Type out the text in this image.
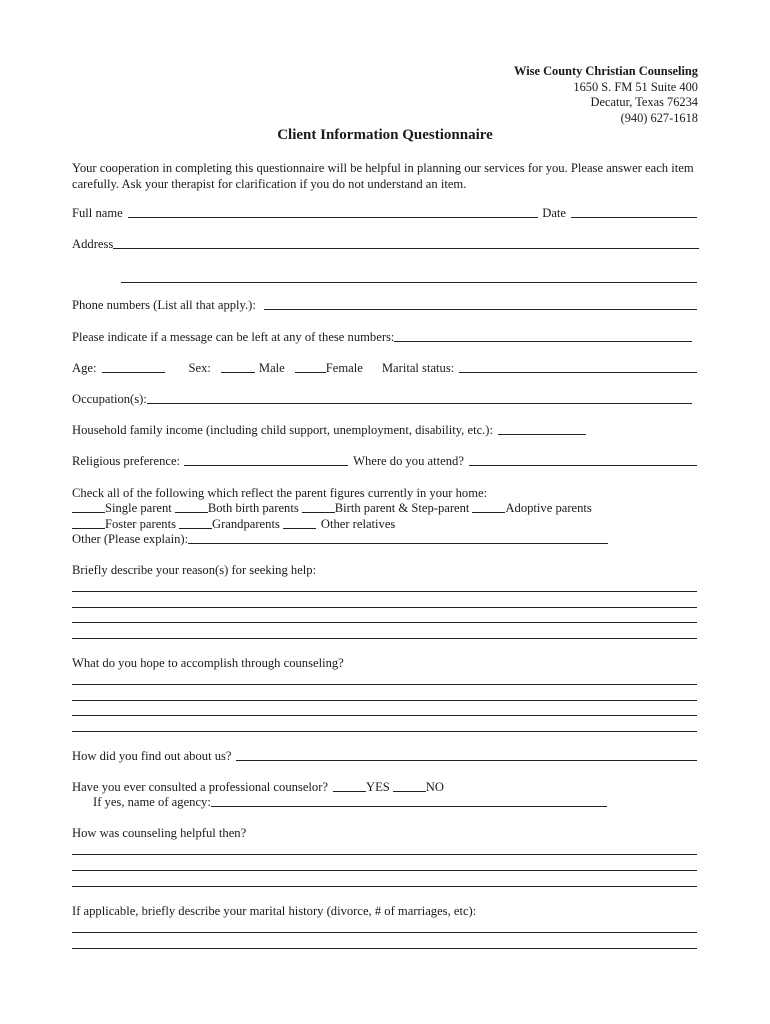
Wise County Christian Counseling
1650 S. FM 51 Suite 400
Decatur, Texas 76234
(940) 627-1618
Client Information Questionnaire
Your cooperation in completing this questionnaire will be helpful in planning our services for you. Please answer each item carefully. Ask your therapist for clarification if you do not understand an item.
Full name	Date
Address
Phone numbers (List all that apply.):
Please indicate if a message can be left at any of these numbers:
Age:	Sex:	Male	Female Marital status:
Occupation(s):
Household family income (including child support, unemployment, disability, etc.):
Religious preference:	Where do you attend?
Check all of the following which reflect the parent figures currently in your home:
Single parent	Both birth parents	Birth parent & Step-parent	Adoptive parents
Foster parents	Grandparents	Other relatives
Other (Please explain):
Briefly describe your reason(s) for seeking help:
What do you hope to accomplish through counseling?
How did you find out about us?
Have you ever consulted a professional counselor?	YES	NO
If yes, name of agency:
How was counseling helpful then?
If applicable, briefly describe your marital history (divorce, # of marriages, etc):
